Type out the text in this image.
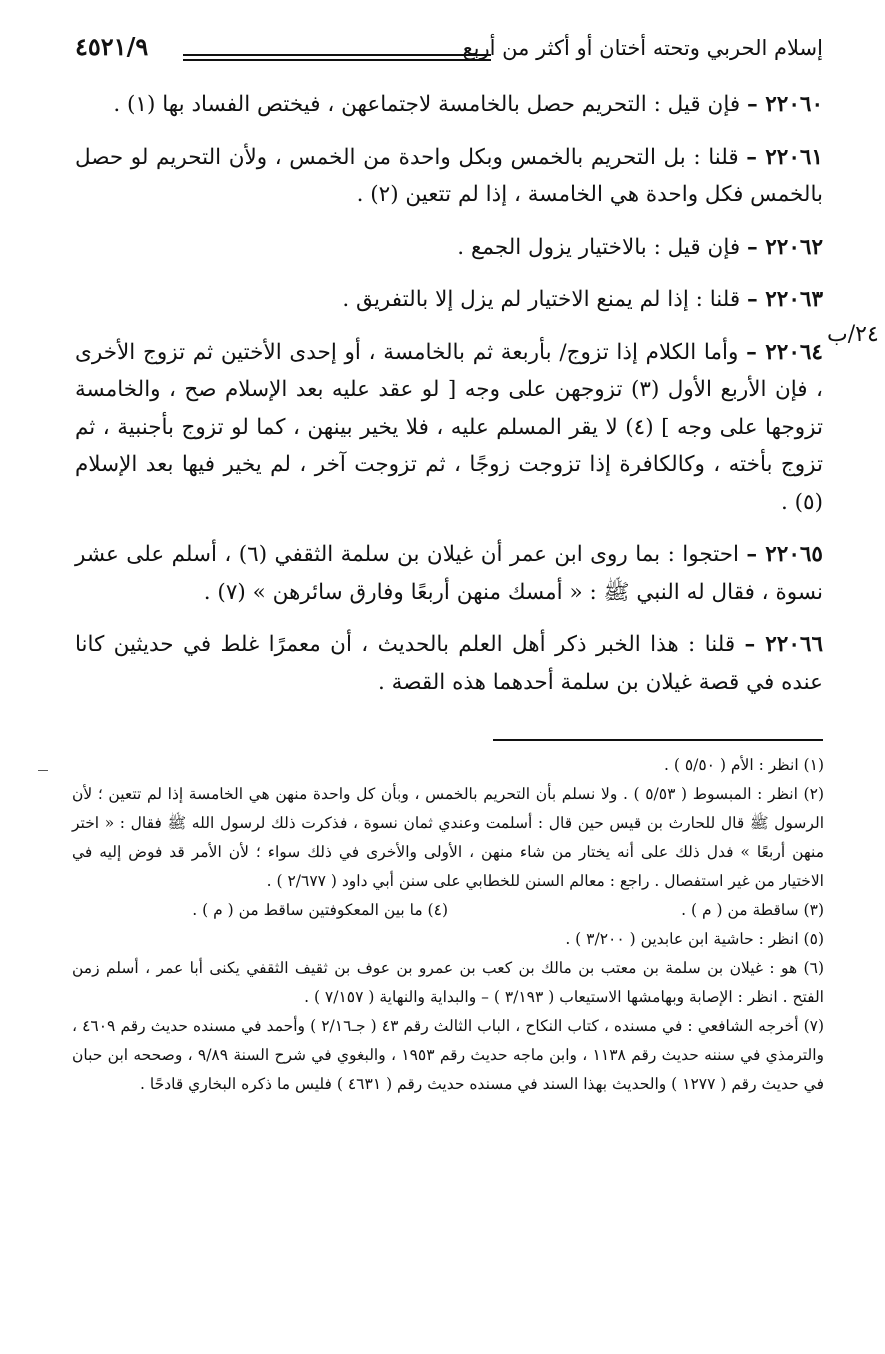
إسلام الحربي وتحته أختان أو أكثر من أربع
٤٥٢١/٩
٢٤/ب

٢٢٠٦٠ – فإن قيل : التحريم حصل بالخامسة لاجتماعهن ، فيختص الفساد بها (١) .

٢٢٠٦١ – قلنا : بل التحريم بالخمس وبكل واحدة من الخمس ، ولأن التحريم لو حصل بالخمس فكل واحدة هي الخامسة ، إذا لم تتعين (٢) .

٢٢٠٦٢ – فإن قيل : بالاختيار يزول الجمع .

٢٢٠٦٣ – قلنا : إذا لم يمنع الاختيار لم يزل إلا بالتفريق .

٢٢٠٦٤ – وأما الكلام إذا تزوج/ بأربعة ثم بالخامسة ، أو إحدى الأختين ثم تزوج الأخرى ، فإن الأربع الأول (٣) تزوجهن على وجه [ لو عقد عليه بعد الإسلام صح ، والخامسة تزوجها على وجه ] (٤) لا يقر المسلم عليه ، فلا يخير بينهن ، كما لو تزوج بأجنبية ، ثم تزوج بأخته ، وكالكافرة إذا تزوجت زوجًا ، ثم تزوجت آخر ، لم يخير فيها بعد الإسلام (٥) .

٢٢٠٦٥ – احتجوا : بما روى ابن عمر أن غيلان بن سلمة الثقفي (٦) ، أسلم على عشر نسوة ، فقال له النبي ﷺ : « أمسك منهن أربعًا وفارق سائرهن » (٧) .

٢٢٠٦٦ – قلنا : هذا الخبر ذكر أهل العلم بالحديث ، أن معمرًا غلط في حديثين كانا عنده في قصة غيلان بن سلمة أحدهما هذه القصة .

(١) انظر : الأم ( ٥/٥٠ ) .

(٢) انظر : المبسوط ( ٥/٥٣ ) . ولا نسلم بأن التحريم بالخمس ، وبأن كل واحدة منهن هي الخامسة إذا لم تتعين ؛ لأن الرسول ﷺ قال للحارث بن قيس حين قال : أسلمت وعندي ثمان نسوة ، فذكرت ذلك لرسول الله ﷺ فقال : « اختر منهن أربعًا » فدل ذلك على أنه يختار من شاء منهن ، الأولى والأخرى في ذلك سواء ؛ لأن الأمر قد فوض إليه في الاختيار من غير استفصال . راجع : معالم السنن للخطابي على سنن أبي داود ( ٢/٦٧٧ ) .

(٣) ساقطة من ( م ) .
(٤) ما بين المعكوفتين ساقط من ( م ) .

(٥) انظر : حاشية ابن عابدين ( ٣/٢٠٠ ) .

(٦) هو : غيلان بن سلمة بن معتب بن مالك بن كعب بن عمرو بن عوف بن ثقيف الثقفي يكنى أبا عمر ، أسلم زمن الفتح . انظر : الإصابة وبهامشها الاستيعاب ( ٣/١٩٣ ) – والبداية والنهاية ( ٧/١٥٧ ) .

(٧) أخرجه الشافعي : في مسنده ، كتاب النكاح ، الباب الثالث رقم ٤٣ ( جـ٢/١٦ ) وأحمد في مسنده حديث رقم ٤٦٠٩ ، والترمذي في سننه حديث رقم ١١٣٨ ، وابن ماجه حديث رقم ١٩٥٣ ، والبغوي في شرح السنة ٩/٨٩ ، وصححه ابن حبان في حديث رقم ( ١٢٧٧ ) والحديث بهذا السند في مسنده حديث رقم ( ٤٦٣١ ) فليس ما ذكره البخاري قادحًا .
